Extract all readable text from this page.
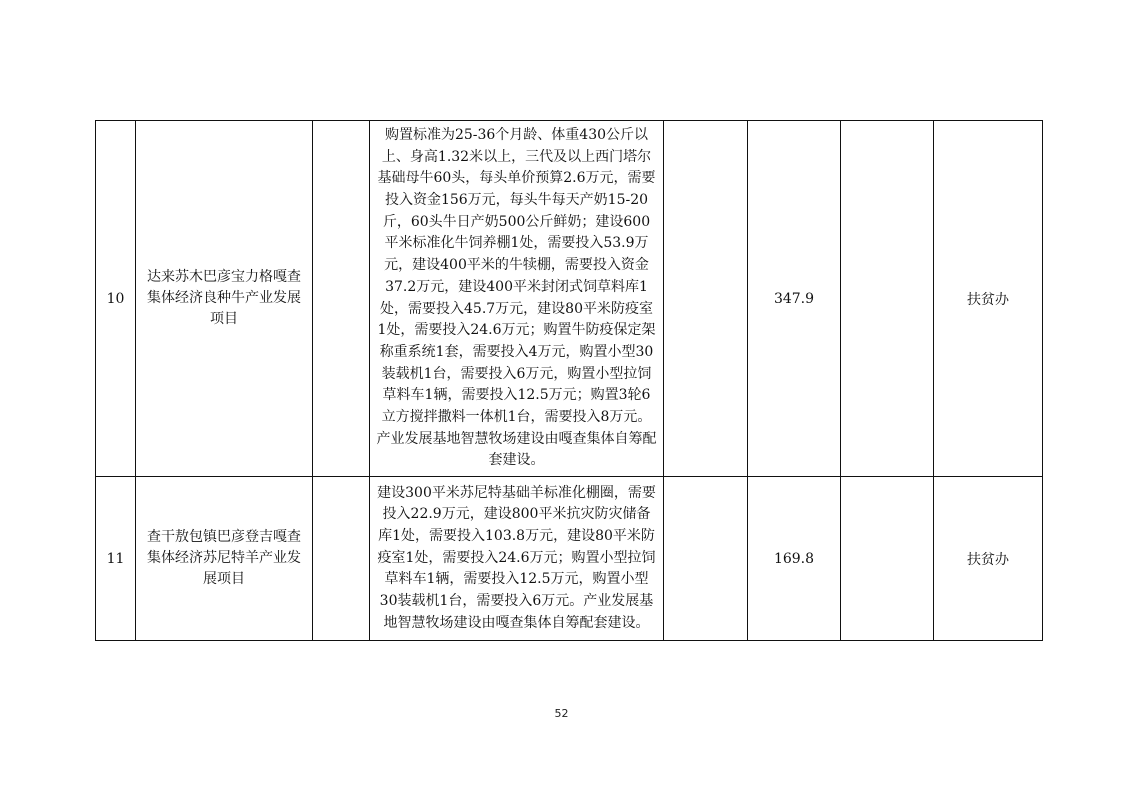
10	达来苏木巴彦宝力格嘎查集体经济良种牛产业发展项目		购置标准为25-36个月龄、体重430公斤以上、身高1.32米以上，三代及以上西门塔尔基础母牛60头，每头单价预算2.6万元，需要投入资金156万元，每头牛每天产奶15-20斤，60头牛日产奶500公斤鲜奶；建设600平米标准化牛饲养棚1处，需要投入53.9万元，建设400平米的牛犊棚，需要投入资金37.2万元，建设400平米封闭式饲草料库1处，需要投入45.7万元，建设80平米防疫室1处，需要投入24.6万元；购置牛防疫保定架称重系统1套，需要投入4万元，购置小型30装载机1台，需要投入6万元，购置小型拉饲草料车1辆，需要投入12.5万元；购置3轮6立方搅拌撒料一体机1台，需要投入8万元。产业发展基地智慧牧场建设由嘎查集体自筹配套建设。		347.9		扶贫办
11	查干敖包镇巴彦登吉嘎查集体经济苏尼特羊产业发展项目		建设300平米苏尼特基础羊标准化棚圈，需要投入22.9万元，建设800平米抗灾防灾储备库1处，需要投入103.8万元，建设80平米防疫室1处，需要投入24.6万元；购置小型拉饲草料车1辆，需要投入12.5万元，购置小型30装载机1台，需要投入6万元。产业发展基地智慧牧场建设由嘎查集体自筹配套建设。		169.8		扶贫办
52
